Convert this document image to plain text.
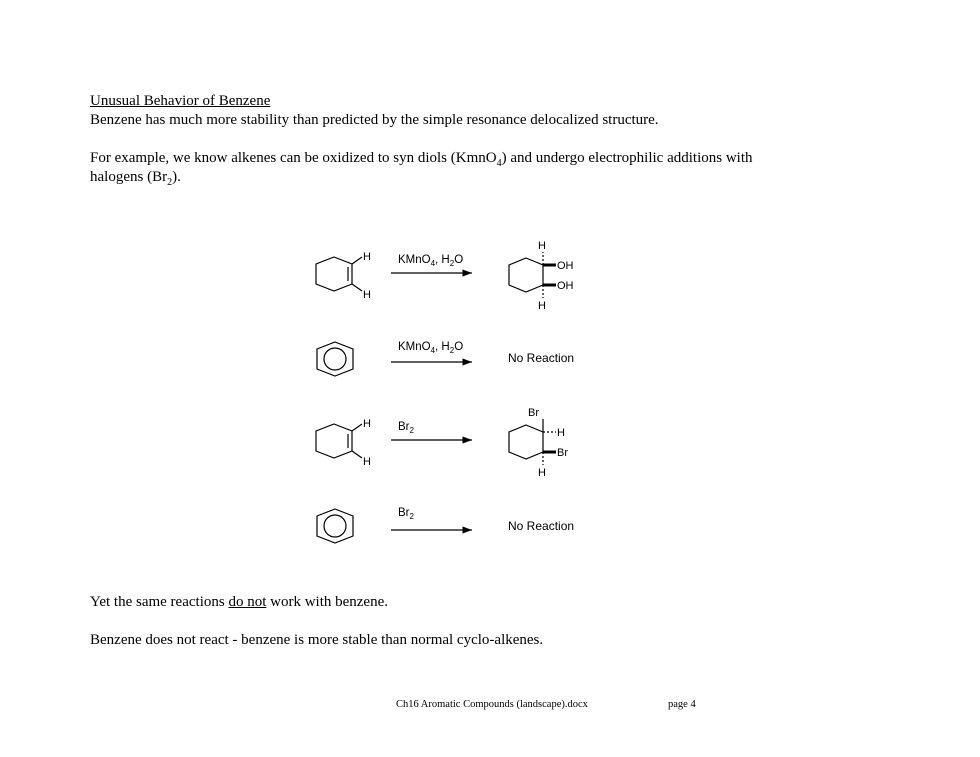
Unusual Behavior of Benzene
Benzene has much more stability than predicted by the simple resonance delocalized structure.
For example, we know alkenes can be oxidized to syn diols (KmnO$_4$) and undergo electrophilic additions with
halogens $(Br_2)$.
H
H
KMnO$_4$, $H_2O$
H
OH
OH
H
KMnO$_4$, $H_2O$
No Reaction
H
H
$Br_2$
Br
H
Br
H
$Br_2$
No Reaction
Yet the same reactions do not work with benzene.
Benzene does not react - benzene is more stable than normal cyclo-alkenes.
Ch16 Aromatic Compounds (landscape).docx	page 4
